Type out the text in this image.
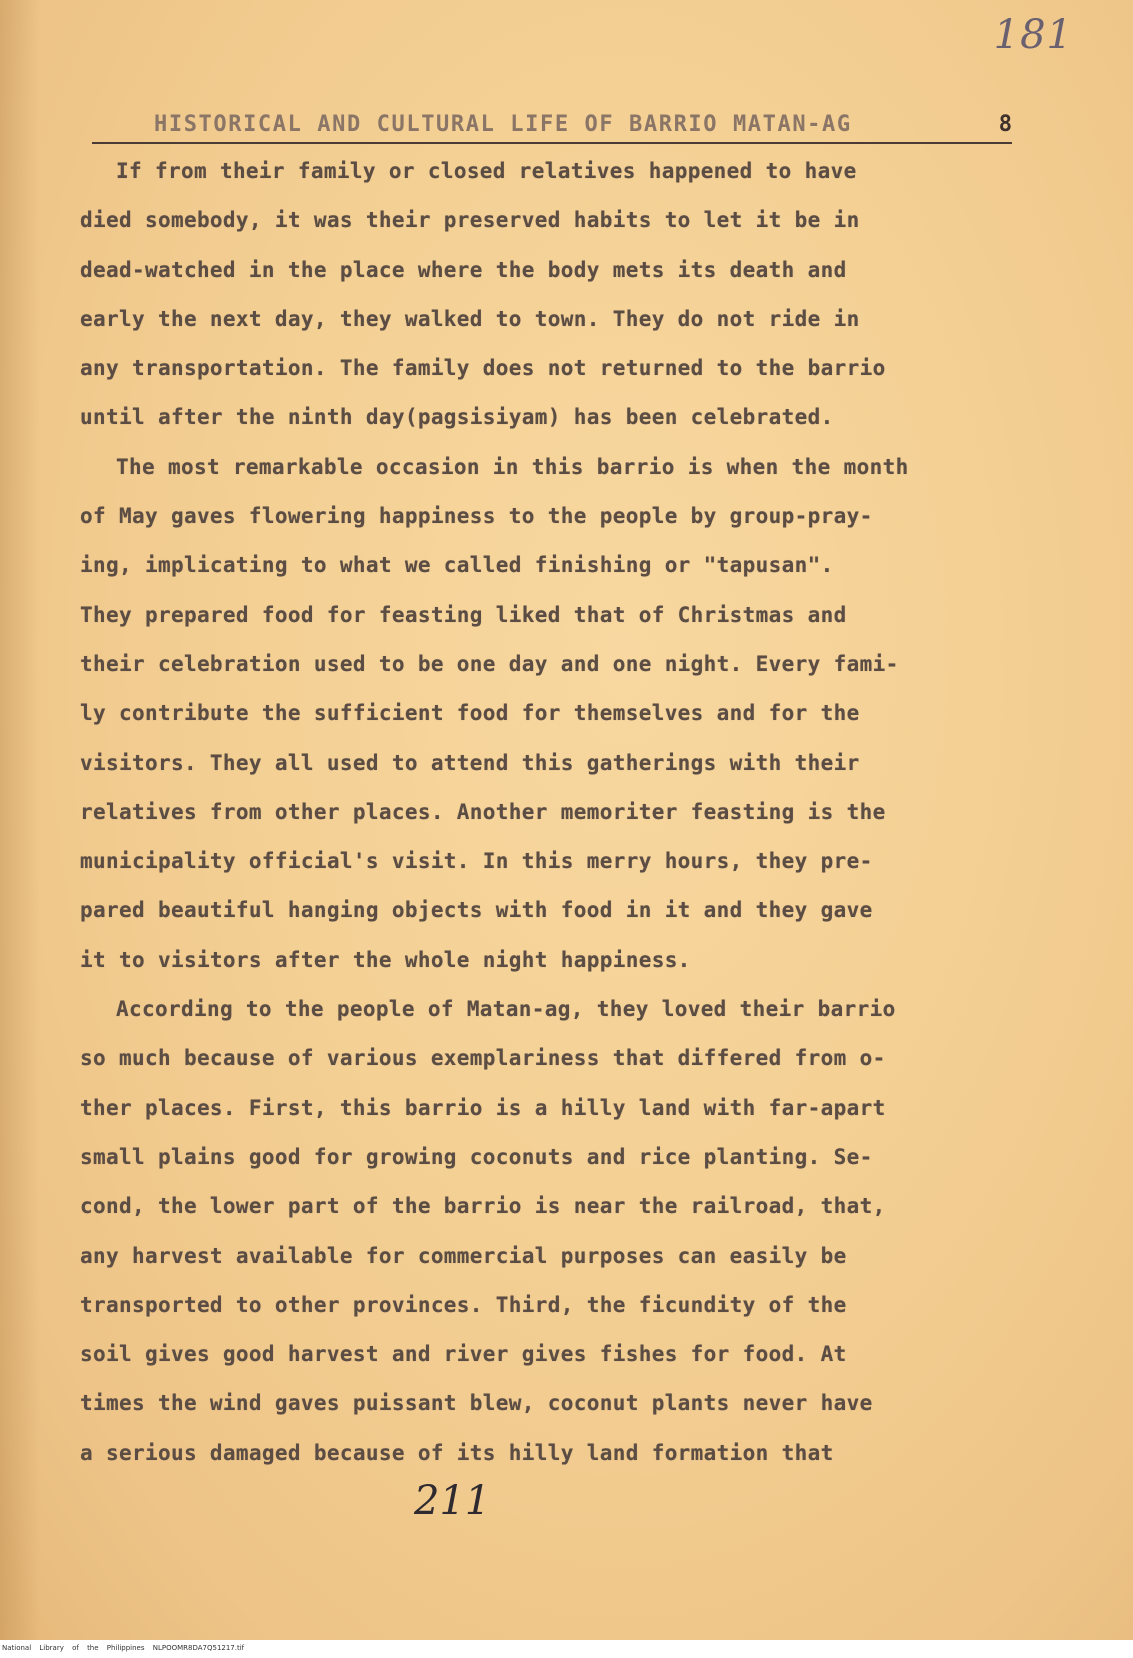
181
HISTORICAL AND CULTURAL LIFE OF BARRIO MATAN-AG	8
If from their family or closed relatives happened to have
died somebody, it was their preserved habits to let it be in
dead-watched in the place where the body mets its death and
early the next day, they walked to town. They do not ride in
any transportation. The family does not returned to the barrio
until after the ninth day(pagsisiyam) has been celebrated.
The most remarkable occasion in this barrio is when the month
of May gaves flowering happiness to the people by group-pray-
ing, implicating to what we called finishing or "tapusan".
They prepared food for feasting liked that of Christmas and
their celebration used to be one day and one night. Every fami-
ly contribute the sufficient food for themselves and for the
visitors. They all used to attend this gatherings with their
relatives from other places. Another memoriter feasting is the
municipality official's visit. In this merry hours, they pre-
pared beautiful hanging objects with food in it and they gave
it to visitors after the whole night happiness.
According to the people of Matan-ag, they loved their barrio
so much because of various exemplariness that differed from o-
ther places. First, this barrio is a hilly land with far-apart
small plains good for growing coconuts and rice planting. Se-
cond, the lower part of the barrio is near the railroad, that,
any harvest available for commercial purposes can easily be
transported to other provinces. Third, the ficundity of the
soil gives good harvest and river gives fishes for food. At
times the wind gaves puissant blew, coconut plants never have
a serious damaged because of its hilly land formation that
211
National Library of the Philippines NLPOOMR8DA7Q51217.tif
